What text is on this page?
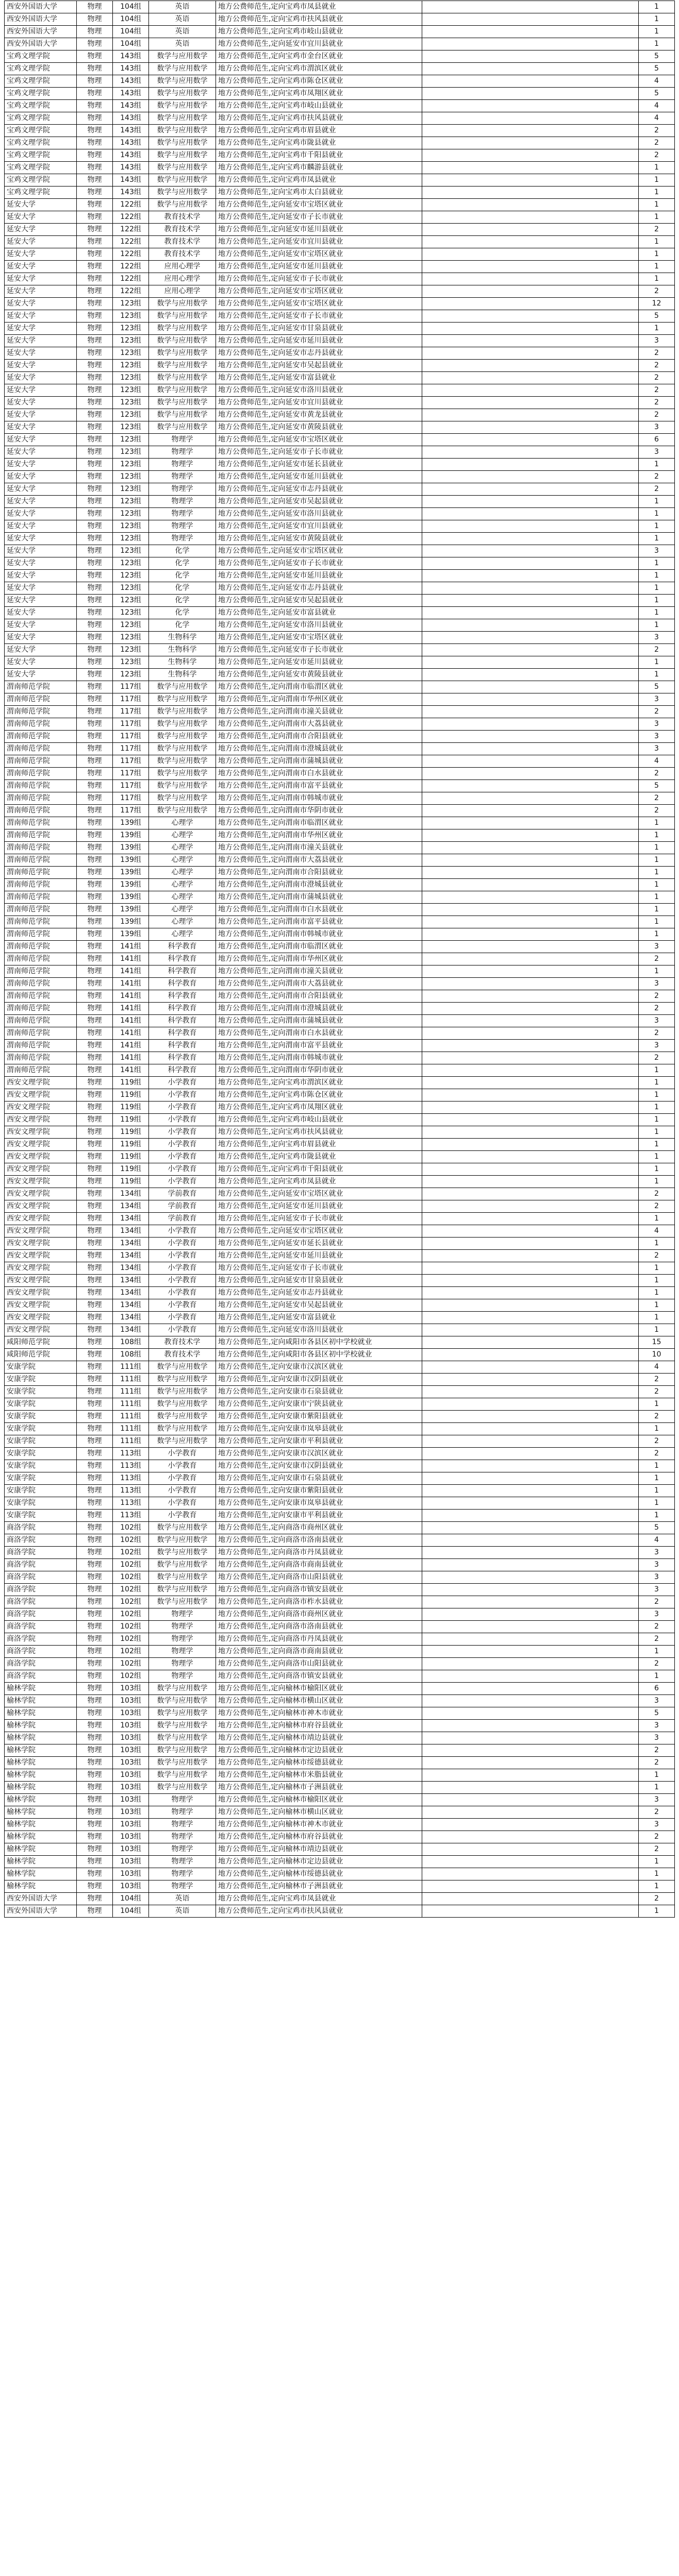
西安外国语大学	物理	104组	英语	地方公费师范生,定向宝鸡市凤县就业		1
西安外国语大学	物理	104组	英语	地方公费师范生,定向宝鸡市扶风县就业		1
西安外国语大学	物理	104组	英语	地方公费师范生,定向宝鸡市岐山县就业		1
西安外国语大学	物理	104组	英语	地方公费师范生,定向延安市宜川县就业		1
宝鸡文理学院	物理	143组	数学与应用数学	地方公费师范生,定向宝鸡市金台区就业		5
宝鸡文理学院	物理	143组	数学与应用数学	地方公费师范生,定向宝鸡市渭滨区就业		5
宝鸡文理学院	物理	143组	数学与应用数学	地方公费师范生,定向宝鸡市陈仓区就业		4
宝鸡文理学院	物理	143组	数学与应用数学	地方公费师范生,定向宝鸡市凤翔区就业		5
宝鸡文理学院	物理	143组	数学与应用数学	地方公费师范生,定向宝鸡市岐山县就业		4
宝鸡文理学院	物理	143组	数学与应用数学	地方公费师范生,定向宝鸡市扶风县就业		4
宝鸡文理学院	物理	143组	数学与应用数学	地方公费师范生,定向宝鸡市眉县就业		2
宝鸡文理学院	物理	143组	数学与应用数学	地方公费师范生,定向宝鸡市陇县就业		2
宝鸡文理学院	物理	143组	数学与应用数学	地方公费师范生,定向宝鸡市千阳县就业		2
宝鸡文理学院	物理	143组	数学与应用数学	地方公费师范生,定向宝鸡市麟游县就业		1
宝鸡文理学院	物理	143组	数学与应用数学	地方公费师范生,定向宝鸡市凤县就业		1
宝鸡文理学院	物理	143组	数学与应用数学	地方公费师范生,定向宝鸡市太白县就业		1
延安大学	物理	122组	数学与应用数学	地方公费师范生,定向延安市宝塔区就业		1
延安大学	物理	122组	教育技术学	地方公费师范生,定向延安市子长市就业		1
延安大学	物理	122组	教育技术学	地方公费师范生,定向延安市延川县就业		2
延安大学	物理	122组	教育技术学	地方公费师范生,定向延安市宜川县就业		1
延安大学	物理	122组	教育技术学	地方公费师范生,定向延安市宝塔区就业		1
延安大学	物理	122组	应用心理学	地方公费师范生,定向延安市延川县就业		1
延安大学	物理	122组	应用心理学	地方公费师范生,定向延安市子长市就业		1
延安大学	物理	122组	应用心理学	地方公费师范生,定向延安市宝塔区就业		2
延安大学	物理	123组	数学与应用数学	地方公费师范生,定向延安市宝塔区就业		12
延安大学	物理	123组	数学与应用数学	地方公费师范生,定向延安市子长市就业		5
延安大学	物理	123组	数学与应用数学	地方公费师范生,定向延安市甘泉县就业		1
延安大学	物理	123组	数学与应用数学	地方公费师范生,定向延安市延川县就业		3
延安大学	物理	123组	数学与应用数学	地方公费师范生,定向延安市志丹县就业		2
延安大学	物理	123组	数学与应用数学	地方公费师范生,定向延安市吴起县就业		2
延安大学	物理	123组	数学与应用数学	地方公费师范生,定向延安市富县就业		2
延安大学	物理	123组	数学与应用数学	地方公费师范生,定向延安市洛川县就业		2
延安大学	物理	123组	数学与应用数学	地方公费师范生,定向延安市宜川县就业		2
延安大学	物理	123组	数学与应用数学	地方公费师范生,定向延安市黄龙县就业		2
延安大学	物理	123组	数学与应用数学	地方公费师范生,定向延安市黄陵县就业		3
延安大学	物理	123组	物理学	地方公费师范生,定向延安市宝塔区就业		6
延安大学	物理	123组	物理学	地方公费师范生,定向延安市子长市就业		3
延安大学	物理	123组	物理学	地方公费师范生,定向延安市延长县就业		1
延安大学	物理	123组	物理学	地方公费师范生,定向延安市延川县就业		2
延安大学	物理	123组	物理学	地方公费师范生,定向延安市志丹县就业		2
延安大学	物理	123组	物理学	地方公费师范生,定向延安市吴起县就业		1
延安大学	物理	123组	物理学	地方公费师范生,定向延安市洛川县就业		1
延安大学	物理	123组	物理学	地方公费师范生,定向延安市宜川县就业		1
延安大学	物理	123组	物理学	地方公费师范生,定向延安市黄陵县就业		1
延安大学	物理	123组	化学	地方公费师范生,定向延安市宝塔区就业		3
延安大学	物理	123组	化学	地方公费师范生,定向延安市子长市就业		1
延安大学	物理	123组	化学	地方公费师范生,定向延安市延川县就业		1
延安大学	物理	123组	化学	地方公费师范生,定向延安市志丹县就业		1
延安大学	物理	123组	化学	地方公费师范生,定向延安市吴起县就业		1
延安大学	物理	123组	化学	地方公费师范生,定向延安市富县就业		1
延安大学	物理	123组	化学	地方公费师范生,定向延安市洛川县就业		1
延安大学	物理	123组	生物科学	地方公费师范生,定向延安市宝塔区就业		3
延安大学	物理	123组	生物科学	地方公费师范生,定向延安市子长市就业		2
延安大学	物理	123组	生物科学	地方公费师范生,定向延安市延川县就业		1
延安大学	物理	123组	生物科学	地方公费师范生,定向延安市黄陵县就业		1
渭南师范学院	物理	117组	数学与应用数学	地方公费师范生,定向渭南市临渭区就业		5
渭南师范学院	物理	117组	数学与应用数学	地方公费师范生,定向渭南市华州区就业		3
渭南师范学院	物理	117组	数学与应用数学	地方公费师范生,定向渭南市潼关县就业		2
渭南师范学院	物理	117组	数学与应用数学	地方公费师范生,定向渭南市大荔县就业		3
渭南师范学院	物理	117组	数学与应用数学	地方公费师范生,定向渭南市合阳县就业		3
渭南师范学院	物理	117组	数学与应用数学	地方公费师范生,定向渭南市澄城县就业		3
渭南师范学院	物理	117组	数学与应用数学	地方公费师范生,定向渭南市蒲城县就业		4
渭南师范学院	物理	117组	数学与应用数学	地方公费师范生,定向渭南市白水县就业		2
渭南师范学院	物理	117组	数学与应用数学	地方公费师范生,定向渭南市富平县就业		5
渭南师范学院	物理	117组	数学与应用数学	地方公费师范生,定向渭南市韩城市就业		2
渭南师范学院	物理	117组	数学与应用数学	地方公费师范生,定向渭南市华阴市就业		2
渭南师范学院	物理	139组	心理学	地方公费师范生,定向渭南市临渭区就业		1
渭南师范学院	物理	139组	心理学	地方公费师范生,定向渭南市华州区就业		1
渭南师范学院	物理	139组	心理学	地方公费师范生,定向渭南市潼关县就业		1
渭南师范学院	物理	139组	心理学	地方公费师范生,定向渭南市大荔县就业		1
渭南师范学院	物理	139组	心理学	地方公费师范生,定向渭南市合阳县就业		1
渭南师范学院	物理	139组	心理学	地方公费师范生,定向渭南市澄城县就业		1
渭南师范学院	物理	139组	心理学	地方公费师范生,定向渭南市蒲城县就业		1
渭南师范学院	物理	139组	心理学	地方公费师范生,定向渭南市白水县就业		1
渭南师范学院	物理	139组	心理学	地方公费师范生,定向渭南市富平县就业		1
渭南师范学院	物理	139组	心理学	地方公费师范生,定向渭南市韩城市就业		1
渭南师范学院	物理	141组	科学教育	地方公费师范生,定向渭南市临渭区就业		3
渭南师范学院	物理	141组	科学教育	地方公费师范生,定向渭南市华州区就业		2
渭南师范学院	物理	141组	科学教育	地方公费师范生,定向渭南市潼关县就业		1
渭南师范学院	物理	141组	科学教育	地方公费师范生,定向渭南市大荔县就业		3
渭南师范学院	物理	141组	科学教育	地方公费师范生,定向渭南市合阳县就业		2
渭南师范学院	物理	141组	科学教育	地方公费师范生,定向渭南市澄城县就业		2
渭南师范学院	物理	141组	科学教育	地方公费师范生,定向渭南市蒲城县就业		3
渭南师范学院	物理	141组	科学教育	地方公费师范生,定向渭南市白水县就业		2
渭南师范学院	物理	141组	科学教育	地方公费师范生,定向渭南市富平县就业		3
渭南师范学院	物理	141组	科学教育	地方公费师范生,定向渭南市韩城市就业		2
渭南师范学院	物理	141组	科学教育	地方公费师范生,定向渭南市华阴市就业		1
西安文理学院	物理	119组	小学教育	地方公费师范生,定向宝鸡市渭滨区就业		1
西安文理学院	物理	119组	小学教育	地方公费师范生,定向宝鸡市陈仓区就业		1
西安文理学院	物理	119组	小学教育	地方公费师范生,定向宝鸡市凤翔区就业		1
西安文理学院	物理	119组	小学教育	地方公费师范生,定向宝鸡市岐山县就业		1
西安文理学院	物理	119组	小学教育	地方公费师范生,定向宝鸡市扶风县就业		1
西安文理学院	物理	119组	小学教育	地方公费师范生,定向宝鸡市眉县就业		1
西安文理学院	物理	119组	小学教育	地方公费师范生,定向宝鸡市陇县就业		1
西安文理学院	物理	119组	小学教育	地方公费师范生,定向宝鸡市千阳县就业		1
西安文理学院	物理	119组	小学教育	地方公费师范生,定向宝鸡市凤县就业		1
西安文理学院	物理	134组	学前教育	地方公费师范生,定向延安市宝塔区就业		2
西安文理学院	物理	134组	学前教育	地方公费师范生,定向延安市延川县就业		2
西安文理学院	物理	134组	学前教育	地方公费师范生,定向延安市子长市就业		1
西安文理学院	物理	134组	小学教育	地方公费师范生,定向延安市宝塔区就业		4
西安文理学院	物理	134组	小学教育	地方公费师范生,定向延安市延长县就业		1
西安文理学院	物理	134组	小学教育	地方公费师范生,定向延安市延川县就业		2
西安文理学院	物理	134组	小学教育	地方公费师范生,定向延安市子长市就业		1
西安文理学院	物理	134组	小学教育	地方公费师范生,定向延安市甘泉县就业		1
西安文理学院	物理	134组	小学教育	地方公费师范生,定向延安市志丹县就业		1
西安文理学院	物理	134组	小学教育	地方公费师范生,定向延安市吴起县就业		1
西安文理学院	物理	134组	小学教育	地方公费师范生,定向延安市富县就业		1
西安文理学院	物理	134组	小学教育	地方公费师范生,定向延安市洛川县就业		1
咸阳师范学院	物理	108组	教育技术学	地方公费师范生,定向咸阳市各县区初中学校就业		15
咸阳师范学院	物理	108组	教育技术学	地方公费师范生,定向咸阳市各县区初中学校就业		10
安康学院	物理	111组	数学与应用数学	地方公费师范生,定向安康市汉滨区就业		4
安康学院	物理	111组	数学与应用数学	地方公费师范生,定向安康市汉阴县就业		2
安康学院	物理	111组	数学与应用数学	地方公费师范生,定向安康市石泉县就业		2
安康学院	物理	111组	数学与应用数学	地方公费师范生,定向安康市宁陕县就业		1
安康学院	物理	111组	数学与应用数学	地方公费师范生,定向安康市紫阳县就业		2
安康学院	物理	111组	数学与应用数学	地方公费师范生,定向安康市岚皋县就业		1
安康学院	物理	111组	数学与应用数学	地方公费师范生,定向安康市平利县就业		2
安康学院	物理	113组	小学教育	地方公费师范生,定向安康市汉滨区就业		2
安康学院	物理	113组	小学教育	地方公费师范生,定向安康市汉阴县就业		1
安康学院	物理	113组	小学教育	地方公费师范生,定向安康市石泉县就业		1
安康学院	物理	113组	小学教育	地方公费师范生,定向安康市紫阳县就业		1
安康学院	物理	113组	小学教育	地方公费师范生,定向安康市岚皋县就业		1
安康学院	物理	113组	小学教育	地方公费师范生,定向安康市平利县就业		1
商洛学院	物理	102组	数学与应用数学	地方公费师范生,定向商洛市商州区就业		5
商洛学院	物理	102组	数学与应用数学	地方公费师范生,定向商洛市洛南县就业		4
商洛学院	物理	102组	数学与应用数学	地方公费师范生,定向商洛市丹凤县就业		3
商洛学院	物理	102组	数学与应用数学	地方公费师范生,定向商洛市商南县就业		3
商洛学院	物理	102组	数学与应用数学	地方公费师范生,定向商洛市山阳县就业		3
商洛学院	物理	102组	数学与应用数学	地方公费师范生,定向商洛市镇安县就业		3
商洛学院	物理	102组	数学与应用数学	地方公费师范生,定向商洛市柞水县就业		2
商洛学院	物理	102组	物理学	地方公费师范生,定向商洛市商州区就业		3
商洛学院	物理	102组	物理学	地方公费师范生,定向商洛市洛南县就业		2
商洛学院	物理	102组	物理学	地方公费师范生,定向商洛市丹凤县就业		2
商洛学院	物理	102组	物理学	地方公费师范生,定向商洛市商南县就业		1
商洛学院	物理	102组	物理学	地方公费师范生,定向商洛市山阳县就业		2
商洛学院	物理	102组	物理学	地方公费师范生,定向商洛市镇安县就业		1
榆林学院	物理	103组	数学与应用数学	地方公费师范生,定向榆林市榆阳区就业		6
榆林学院	物理	103组	数学与应用数学	地方公费师范生,定向榆林市横山区就业		3
榆林学院	物理	103组	数学与应用数学	地方公费师范生,定向榆林市神木市就业		5
榆林学院	物理	103组	数学与应用数学	地方公费师范生,定向榆林市府谷县就业		3
榆林学院	物理	103组	数学与应用数学	地方公费师范生,定向榆林市靖边县就业		3
榆林学院	物理	103组	数学与应用数学	地方公费师范生,定向榆林市定边县就业		2
榆林学院	物理	103组	数学与应用数学	地方公费师范生,定向榆林市绥德县就业		2
榆林学院	物理	103组	数学与应用数学	地方公费师范生,定向榆林市米脂县就业		1
榆林学院	物理	103组	数学与应用数学	地方公费师范生,定向榆林市子洲县就业		1
榆林学院	物理	103组	物理学	地方公费师范生,定向榆林市榆阳区就业		3
榆林学院	物理	103组	物理学	地方公费师范生,定向榆林市横山区就业		2
榆林学院	物理	103组	物理学	地方公费师范生,定向榆林市神木市就业		3
榆林学院	物理	103组	物理学	地方公费师范生,定向榆林市府谷县就业		2
榆林学院	物理	103组	物理学	地方公费师范生,定向榆林市靖边县就业		2
榆林学院	物理	103组	物理学	地方公费师范生,定向榆林市定边县就业		1
榆林学院	物理	103组	物理学	地方公费师范生,定向榆林市绥德县就业		1
榆林学院	物理	103组	物理学	地方公费师范生,定向榆林市子洲县就业		1
西安外国语大学	物理	104组	英语	地方公费师范生,定向宝鸡市凤县就业		2
西安外国语大学	物理	104组	英语	地方公费师范生,定向宝鸡市扶风县就业		1
